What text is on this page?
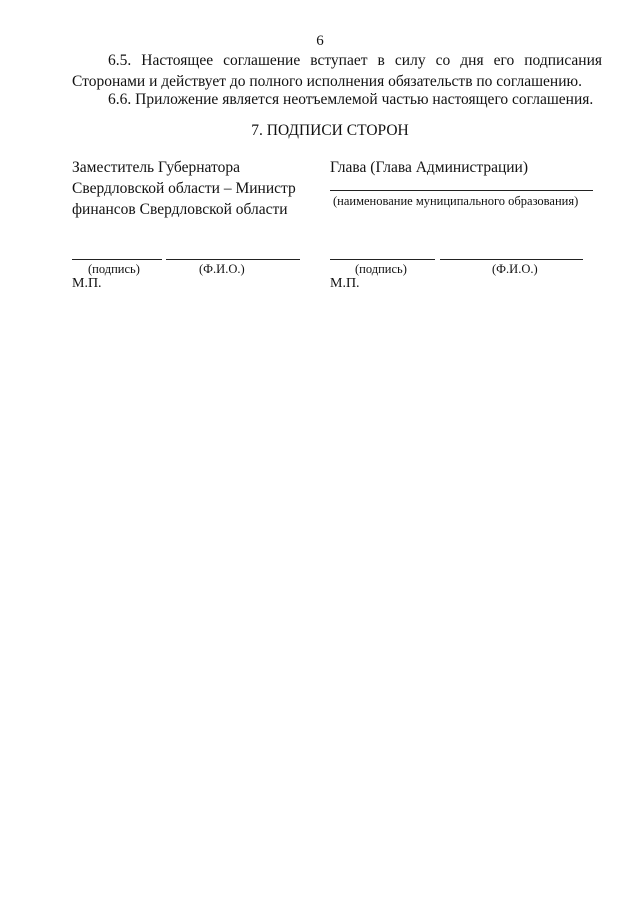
6

6.5. Настоящее соглашение вступает в силу со дня его подписания Сторонами и действует до полного исполнения обязательств по соглашению.

6.6. Приложение является неотъемлемой частью настоящего соглашения.

7. ПОДПИСИ СТОРОН
Заместитель Губернатора
Свердловской области – Министр
финансов Свердловской области
Глава (Глава Администрации)
(наименование муниципального образования)
(подпись)	(Ф.И.О.)
М.П.
(подпись)	(Ф.И.О.)
М.П.
